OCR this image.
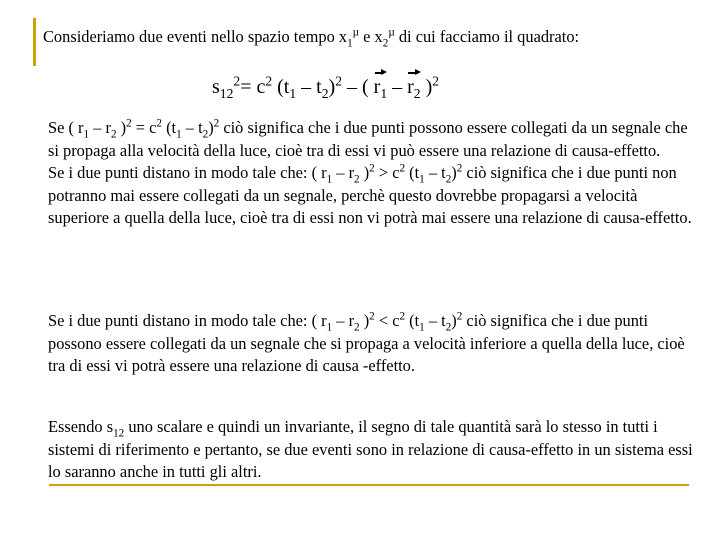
Consideriamo due eventi nello spazio tempo $x_1^\mu$ e $x_2^\mu$ di cui facciamo il quadrato:

$s_{12}^2= c^2$ $(t_1 - t_2)^2$ – (
$r_1$ –
$r_2$ )$^2$

Se ( $r_1 - r_2$ )$^2 = c^2$ $(t_1 - t_2)^2$ ciò significa che i due punti possono essere collegati da un segnale che si propaga alla velocità della luce, cioè tra di essi vi può essere una relazione di causa-effetto.
Se i due punti distano in modo tale che: ( $r_1 - r_2$ )$^2 > c^2$ $(t_1 - t_2)^2$ ciò significa che i due punti non potranno mai essere collegati da un segnale, perchè questo dovrebbe propagarsi a velocità superiore a quella della luce, cioè tra di essi non vi potrà mai essere una relazione di causa-effetto.

Se i due punti distano in modo tale che: ( $r_1 - r_2$ )$^2 < c^2$ $(t_1 - t_2)^2$ ciò significa che i due punti possono essere collegati da un segnale che si propaga a velocità inferiore a quella della luce, cioè tra di essi vi potrà essere una relazione di causa -effetto.

Essendo $s_{12}$ uno scalare e quindi un invariante, il segno di tale quantità sarà lo stesso in tutti i sistemi di riferimento e pertanto, se due eventi sono in relazione di causa-effetto in un sistema essi lo saranno anche in tutti gli altri.
